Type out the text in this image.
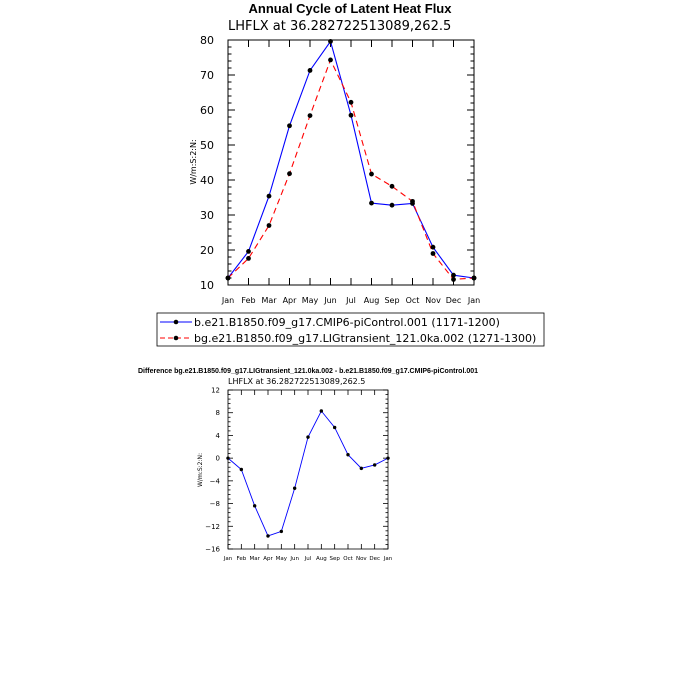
Annual Cycle of Latent Heat Flux
LHFLX at 36.282722513089,262.5
W/m:S:2:N:
10
20
30
40
50
60
70
80
Jan Feb Mar Apr May Jun Jul Aug Sep Oct Nov Dec Jan
b.e21.B1850.f09_g17.CMIP6-piControl.001 (1171-1200)
bg.e21.B1850.f09_g17.LIGtransient_121.0ka.002 (1271-1300)
Difference bg.e21.B1850.f09_g17.LIGtransient_121.0ka.002 - b.e21.B1850.f09_g17.CMIP6-piControl.001
LHFLX at 36.282722513089,262.5
W/m:S:2:N:
−16
−12
−8
−4
0
4
8
12
Jan Feb Mar Apr May Jun Jul Aug Sep Oct Nov Dec Jan
